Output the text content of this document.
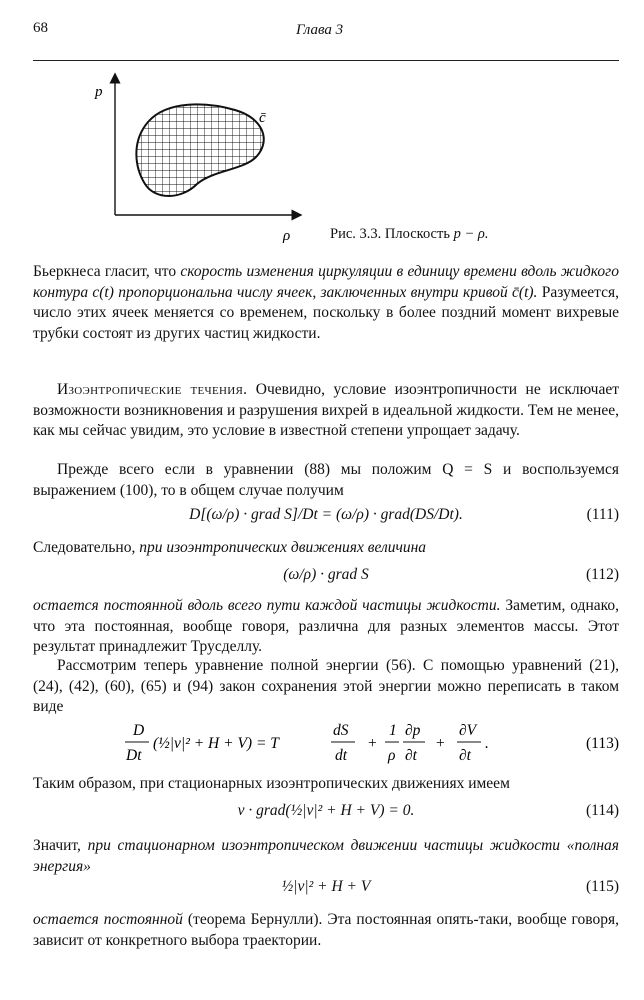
68	Глава 3
p
ρ
c̄
Рис. 3.3. Плоскость p − ρ.

Бьеркнеса гласит, что скорость изменения циркуляции в единицу времени вдоль жидкого контура c(t) пропорциональна числу ячеек, заключенных внутри кривой c̄(t). Разумеется, число этих ячеек меняется со временем, поскольку в более поздний момент вихревые трубки состоят из других частиц жидкости.

Изоэнтропические течения. Очевидно, условие изоэнтропичности не исключает возможности возникновения и разрушения вихрей в идеальной жидкости. Тем не менее, как мы сейчас увидим, это условие в известной степени упрощает задачу.

Прежде всего если в уравнении (88) мы положим Q = S и воспользуемся выражением (100), то в общем случае получим

D[(ω/ρ) · grad S]/Dt = (ω/ρ) · grad(DS/Dt).	(111)

Следовательно, при изоэнтропических движениях величина

(ω/ρ) · grad S	(112)

остается постоянной вдоль всего пути каждой частицы жидкости. Заметим, однако, что эта постоянная, вообще говоря, различна для разных элементов массы. Этот результат принадлежит Трусделлу.

Рассмотрим теперь уравнение полной энергии (56). С помощью уравнений (21), (24), (42), (60), (65) и (94) закон сохранения этой энергии можно переписать в таком виде

D
Dt
(½|v|² + H + V) = T
dS
dt
+
1
ρ
∂p
∂t
+
∂V
∂t
.	(113)

Таким образом, при стационарных изоэнтропических движениях имеем

v · grad(½|v|² + H + V) = 0.	(114)

Значит, при стационарном изоэнтропическом движении частицы жидкости «полная энергия»

½|v|² + H + V	(115)

остается постоянной (теорема Бернулли). Эта постоянная опять-таки, вообще говоря, зависит от конкретного выбора траектории.
